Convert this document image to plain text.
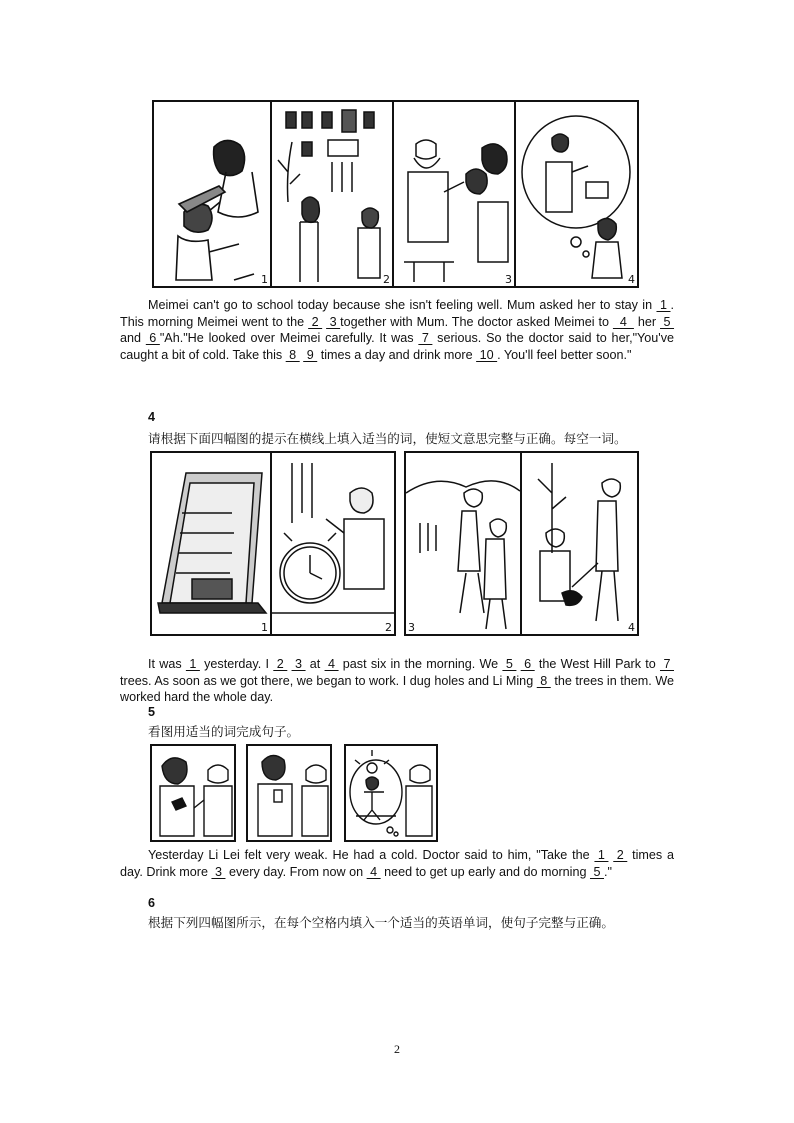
1	2	3	4

Meimei can't go to school today because she isn't feeling well. Mum asked her to stay in  1 . This morning Meimei went to the  2   3 together with Mum. The doctor asked Meimei to   4   her  5  and  6 "Ah."He looked over Meimei carefully. It was  7  serious. So the doctor said to her,"You've caught a bit of cold. Take this  8   9  times a day and drink more  10 . You'll feel better soon."

4
请根据下面四幅图的提示在横线上填入适当的词，使短文意思完整与正确。每空一词。
1	2 3	4

It was  1  yesterday. I  2   3  at  4  past six in the morning. We  5   6  the West Hill Park to  7  trees. As soon as we got there, we began to work. I dug holes and Li Ming  8  the trees in them. We worked hard the whole day.

5
看图用适当的词完成句子。

Yesterday Li Lei felt very weak. He had a cold. Doctor said to him, "Take the  1   2  times a day. Drink more  3  every day. From now on  4  need to get up early and do morning  5 ."

6
根据下列四幅图所示，在每个空格内填入一个适当的英语单词，使句子完整与正确。
2
